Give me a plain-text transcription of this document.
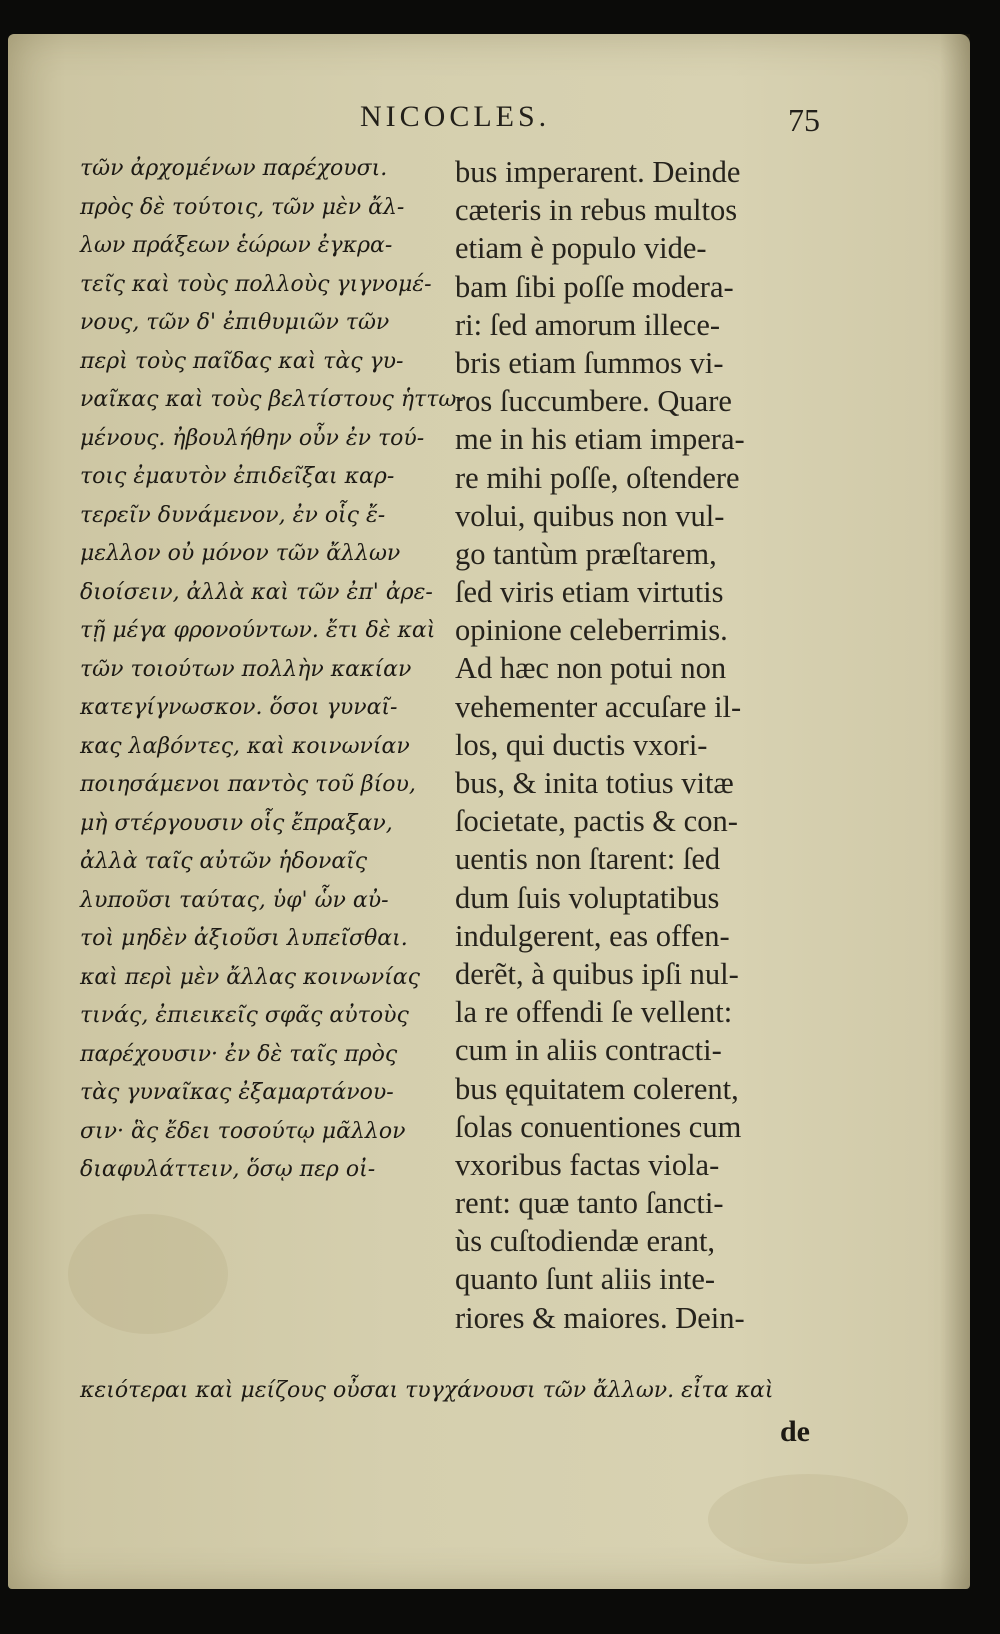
NICOCLES.	75
τῶν ἀρχομένων παρέχουσι.
πρὸς δὲ τούτοις, τῶν μὲν ἄλ-
λων πράξεων ἑώρων ἐγκρα-
τεῖς καὶ τοὺς πολλοὺς γιγνομέ-
νους, τῶν δ' ἐπιθυμιῶν τῶν
περὶ τοὺς παῖδας καὶ τὰς γυ-
ναῖκας καὶ τοὺς βελτίστους ἡττω-
μένους. ἠβουλήθην οὖν ἐν τού-
τοις ἐμαυτὸν ἐπιδεῖξαι καρ-
τερεῖν δυνάμενον, ἐν οἷς ἔ-
μελλον οὐ μόνον τῶν ἄλλων
διοίσειν, ἀλλὰ καὶ τῶν ἐπ' ἀρε-
τῇ μέγα φρονούντων. ἔτι δὲ καὶ
τῶν τοιούτων πολλὴν κακίαν
κατεγίγνωσκον. ὅσοι γυναῖ-
κας λαβόντες, καὶ κοινωνίαν
ποιησάμενοι παντὸς τοῦ βίου,
μὴ στέργουσιν οἷς ἔπραξαν,
ἀλλὰ ταῖς αὐτῶν ἡδοναῖς
λυποῦσι ταύτας, ὑφ' ὧν αὐ-
τοὶ μηδὲν ἀξιοῦσι λυπεῖσθαι.
καὶ περὶ μὲν ἄλλας κοινωνίας
τινάς, ἐπιεικεῖς σφᾶς αὐτοὺς
παρέχουσιν· ἐν δὲ ταῖς πρὸς
τὰς γυναῖκας ἐξαμαρτάνου-
σιν· ἃς ἔδει τοσούτῳ μᾶλλον
διαφυλάττειν, ὅσῳ περ οἰ-
bus imperarent. Deinde
cæteris in rebus multos
etiam è populo vide-
bam ſibi poſſe modera-
ri: ſed amorum illece-
bris etiam ſummos vi-
ros ſuccumbere. Quare
me in his etiam impera-
re mihi poſſe, oſtendere
volui, quibus non vul-
go tantùm præſtarem,
ſed viris etiam virtutis
opinione celeberrimis.
Ad hæc non potui non
vehementer accuſare il-
los, qui ductis vxori-
bus, & inita totius vitæ
ſocietate, pactis & con-
uentis non ſtarent: ſed
dum ſuis voluptatibus
indulgerent, eas offen-
derẽt, à quibus ipſi nul-
la re offendi ſe vellent:
cum in aliis contracti-
bus ęquitatem colerent,
ſolas conuentiones cum
vxoribus factas viola-
rent: quæ tanto ſancti-
ùs cuſtodiendæ erant,
quanto ſunt aliis inte-
riores & maiores. Dein-
κειότεραι καὶ μείζους οὖσαι τυγχάνουσι τῶν ἄλλων. εἶτα καὶ
de
